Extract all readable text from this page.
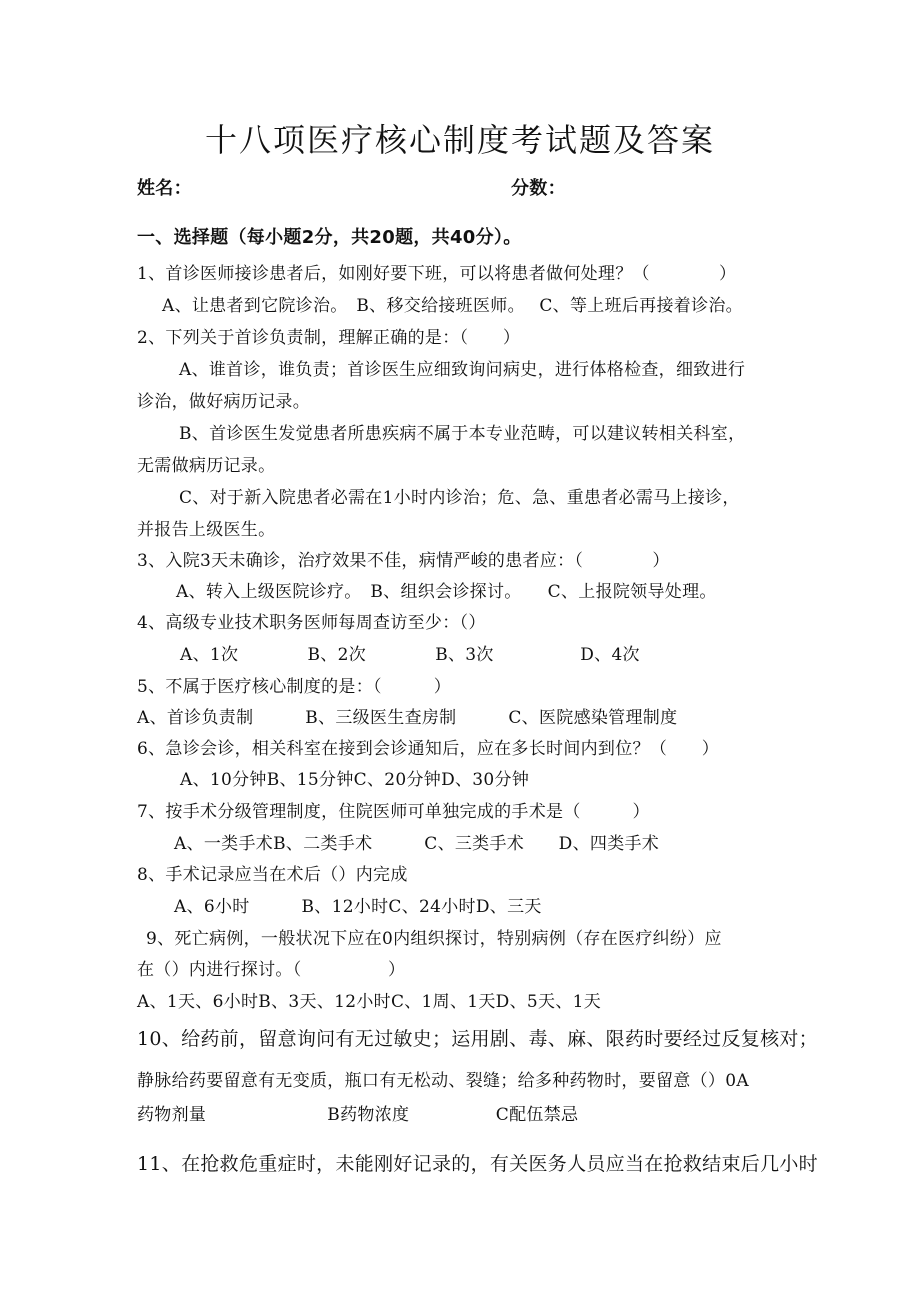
十八项医疗核心制度考试题及答案
姓名：	分数：
一、选择题（每小题2分，共20题，共40分）。
1、首诊医师接诊患者后，如刚好要下班，可以将患者做何处理？（　　　　）
A、让患者到它院诊治。　B、移交给接班医师。　 C、等上班后再接着诊治。
2、下列关于首诊负责制，理解正确的是：（　　）
A、谁首诊，谁负责；首诊医生应细致询问病史，进行体格检查，细致进行
诊治，做好病历记录。
B、首诊医生发觉患者所患疾病不属于本专业范畴，可以建议转相关科室，
无需做病历记录。
C、对于新入院患者必需在1小时内诊治；危、急、重患者必需马上接诊，
并报告上级医生。
3、入院3天未确诊，治疗效果不佳，病情严峻的患者应：（　　　　）
A、转入上级医院诊疗。　B、组织会诊探讨。　　C、上报院领导处理。
4、高级专业技术职务医师每周查访至少：（）
A、1次　　　　B、2次　　　　B、3次　　　　　D、4次
5、不属于医疗核心制度的是：（　　　）
A、首诊负责制　　　B、三级医生查房制　　　C、医院感染管理制度
6、急诊会诊，相关科室在接到会诊通知后，应在多长时间内到位？（　　）
A、10分钟B、15分钟C、20分钟D、30分钟
7、按手术分级管理制度，住院医师可单独完成的手术是（　　　）
A、一类手术B、二类手术　　　C、三类手术　　D、四类手术
8、手术记录应当在术后（）内完成
A、6小时　　　B、12小时C、24小时D、三天
9、死亡病例，一般状况下应在0内组织探讨，特别病例（存在医疗纠纷）应
在（）内进行探讨。（　　　　　）
A、1天、6小时B、3天、12小时C、1周、1天D、5天、1天
10、给药前，留意询问有无过敏史；运用剧、毒、麻、限药时要经过反复核对；
静脉给药要留意有无变质，瓶口有无松动、裂缝；给多种药物时，要留意（）0A
药物剂量　　　　　　　B药物浓度　　　　　C配伍禁忌
11、在抢救危重症时，未能刚好记录的，有关医务人员应当在抢救结束后几小时
